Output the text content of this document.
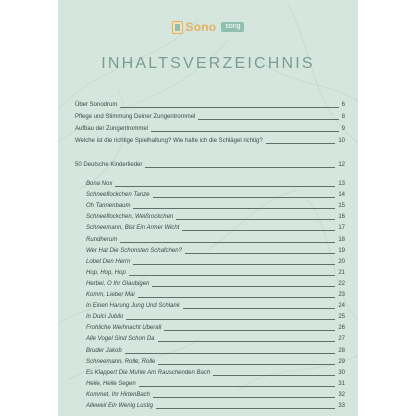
Sono	song
INHALTSVERZEICHNIS
Über Sonodrum	6
Pflege und Stimmung Deiner Zungentrommel	8
Aufbau der Zungentrommel	9
Welche ist die richtige Spielhaltung? Wie halte ich die Schlägel richtig?	10
50 Deutsche Kinderlieder	12
Bona Nox	13
Schneeflockchen Tanze	14
Oh Tannenbaum	15
Schneeflockchen, Weißrockchen	16
Schneemann, Bist Ein Armer Wicht	17
Rundherum	18
Wer Hat Die Schonsten Schafchen?	19
Lobet Den Herrn	20
Hop, Hop, Hop	21
Herbei, O Ihr Glaubigen	22
Komm, Lieber Mai	23
In Einen Harung Jung Und Schlank	24
In Dulci Jubilo	25
Frohliche Weihnacht Uberall	26
Alle Vogel Sind Schon Da	27
Bruder Jakob	28
Schneemann, Rolle, Rolle	29
Es Klappert Die Muhle Am Rauschenden Bach	30
Heile, Heile Segen	31
Kommet, Ihr HirtenBach	32
Alleweil Ein Wenig Lustig	33
